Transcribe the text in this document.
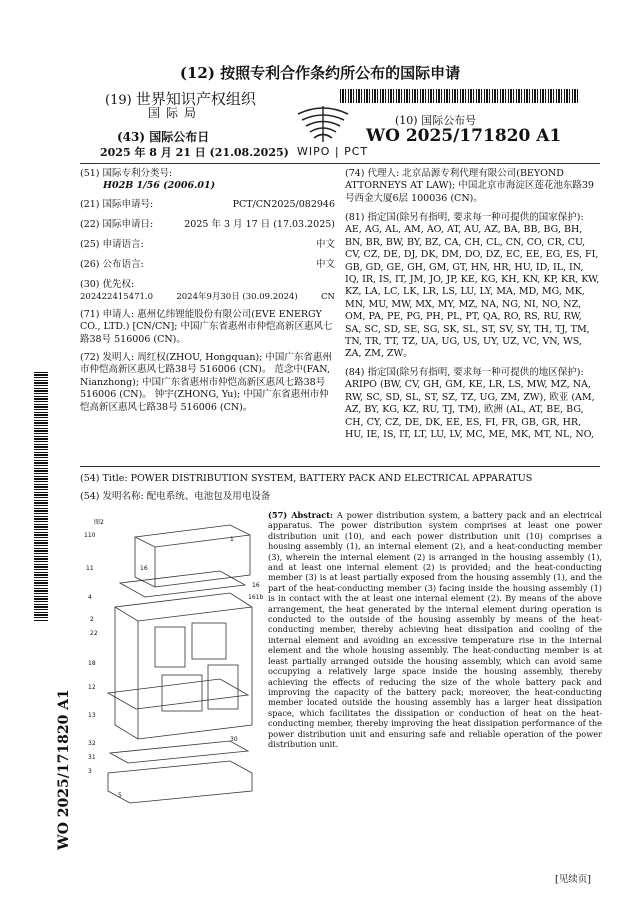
(12) 按照专利合作条约所公布的国际申请
(19) 世界知识产权组织
国际局
(43) 国际公布日
2025 年 8 月 21 日 (21.08.2025) WIPO | PCT
(10) 国际公布号
WO 2025/171820 A1
(51) 国际专利分类号:
H02B 1/56 (2006.01)
(21) 国际申请号:	PCT/CN2025/082946
(22) 国际申请日:	2025 年 3 月 17 日 (17.03.2025)
(25) 申请语言:	中文
(26) 公布语言:	中文
(30) 优先权:
202422415471.0	2024年9月30日 (30.09.2024)	CN
(71) 申请人: 惠州亿纬锂能股份有限公司(EVE ENERGY CO., LTD.) [CN/CN]; 中国广东省惠州市仲恺高新区惠风七路38号 516006 (CN)。
(72) 发明人: 周红权(ZHOU, Hongquan); 中国广东省惠州市仲恺高新区惠风七路38号 516006 (CN)。 范念中(FAN, Nianzhong); 中国广东省惠州市仲恺高新区惠风七路38号 516006 (CN)。 钟宇(ZHONG, Yu); 中国广东省惠州市仲恺高新区惠风七路38号 516006 (CN)。
(74) 代理人: 北京品源专利代理有限公司(BEYOND ATTORNEYS AT LAW); 中国北京市海淀区莲花池东路39号西金大厦6层 100036 (CN)。
(81) 指定国(除另有指明, 要求每一种可提供的国家保护): AE, AG, AL, AM, AO, AT, AU, AZ, BA, BB, BG, BH, BN, BR, BW, BY, BZ, CA, CH, CL, CN, CO, CR, CU, CV, CZ, DE, DJ, DK, DM, DO, DZ, EC, EE, EG, ES, FI, GB, GD, GE, GH, GM, GT, HN, HR, HU, ID, IL, IN, IQ, IR, IS, IT, JM, JO, JP, KE, KG, KH, KN, KP, KR, KW, KZ, LA, LC, LK, LR, LS, LU, LY, MA, MD, MG, MK, MN, MU, MW, MX, MY, MZ, NA, NG, NI, NO, NZ, OM, PA, PE, PG, PH, PL, PT, QA, RO, RS, RU, RW, SA, SC, SD, SE, SG, SK, SL, ST, SV, SY, TH, TJ, TM, TN, TR, TT, TZ, UA, UG, US, UY, UZ, VC, VN, WS, ZA, ZM, ZW。
(84) 指定国(除另有指明, 要求每一种可提供的地区保护): ARIPO (BW, CV, GH, GM, KE, LR, LS, MW, MZ, NA, RW, SC, SD, SL, ST, SZ, TZ, UG, ZM, ZW), 欧亚 (AM, AZ, BY, KG, KZ, RU, TJ, TM), 欧洲 (AL, AT, BE, BG, CH, CY, CZ, DE, DK, EE, ES, FI, FR, GB, GR, HR, HU, IE, IS, IT, LT, LU, LV, MC, ME, MK, MT, NL, NO,
(54) Title: POWER DISTRIBUTION SYSTEM, BATTERY PACK AND ELECTRICAL APPARATUS
(54) 发明名称: 配电系统、电池包及用电设备
图2
110
1
11	16
16
161b
4
2
22
18
12
13
30
32
31
3
5
(57) Abstract: A power distribution system, a battery pack and an electrical apparatus. The power distribution system comprises at least one power distribution unit (10), and each power distribution unit (10) comprises a housing assembly (1), an internal element (2), and a heat-conducting member (3), wherein the internal element (2) is arranged in the housing assembly (1), and at least one internal element (2) is provided; and the heat-conducting member (3) is at least partially exposed from the housing assembly (1), and the part of the heat-conducting member (3) facing inside the housing assembly (1) is in contact with the at least one internal element (2). By means of the above arrangement, the heat generated by the internal element during operation is conducted to the outside of the housing assembly by means of the heat-conducting member, thereby achieving heat dissipation and cooling of the internal element and avoiding an excessive temperature rise in the internal element and the whole housing assembly. The heat-conducting member is at least partially arranged outside the housing assembly, which can avoid same occupying a relatively large space inside the housing assembly, thereby achieving the effects of reducing the size of the whole battery pack and improving the capacity of the battery pack; moreover, the heat-conducting member located outside the housing assembly has a larger heat dissipation space, which facilitates the dissipation or conduction of heat on the heat-conducting member, thereby improving the heat dissipation performance of the power distribution unit and ensuring safe and reliable operation of the power distribution unit.
WO 2025/171820 A1
[见续页]
